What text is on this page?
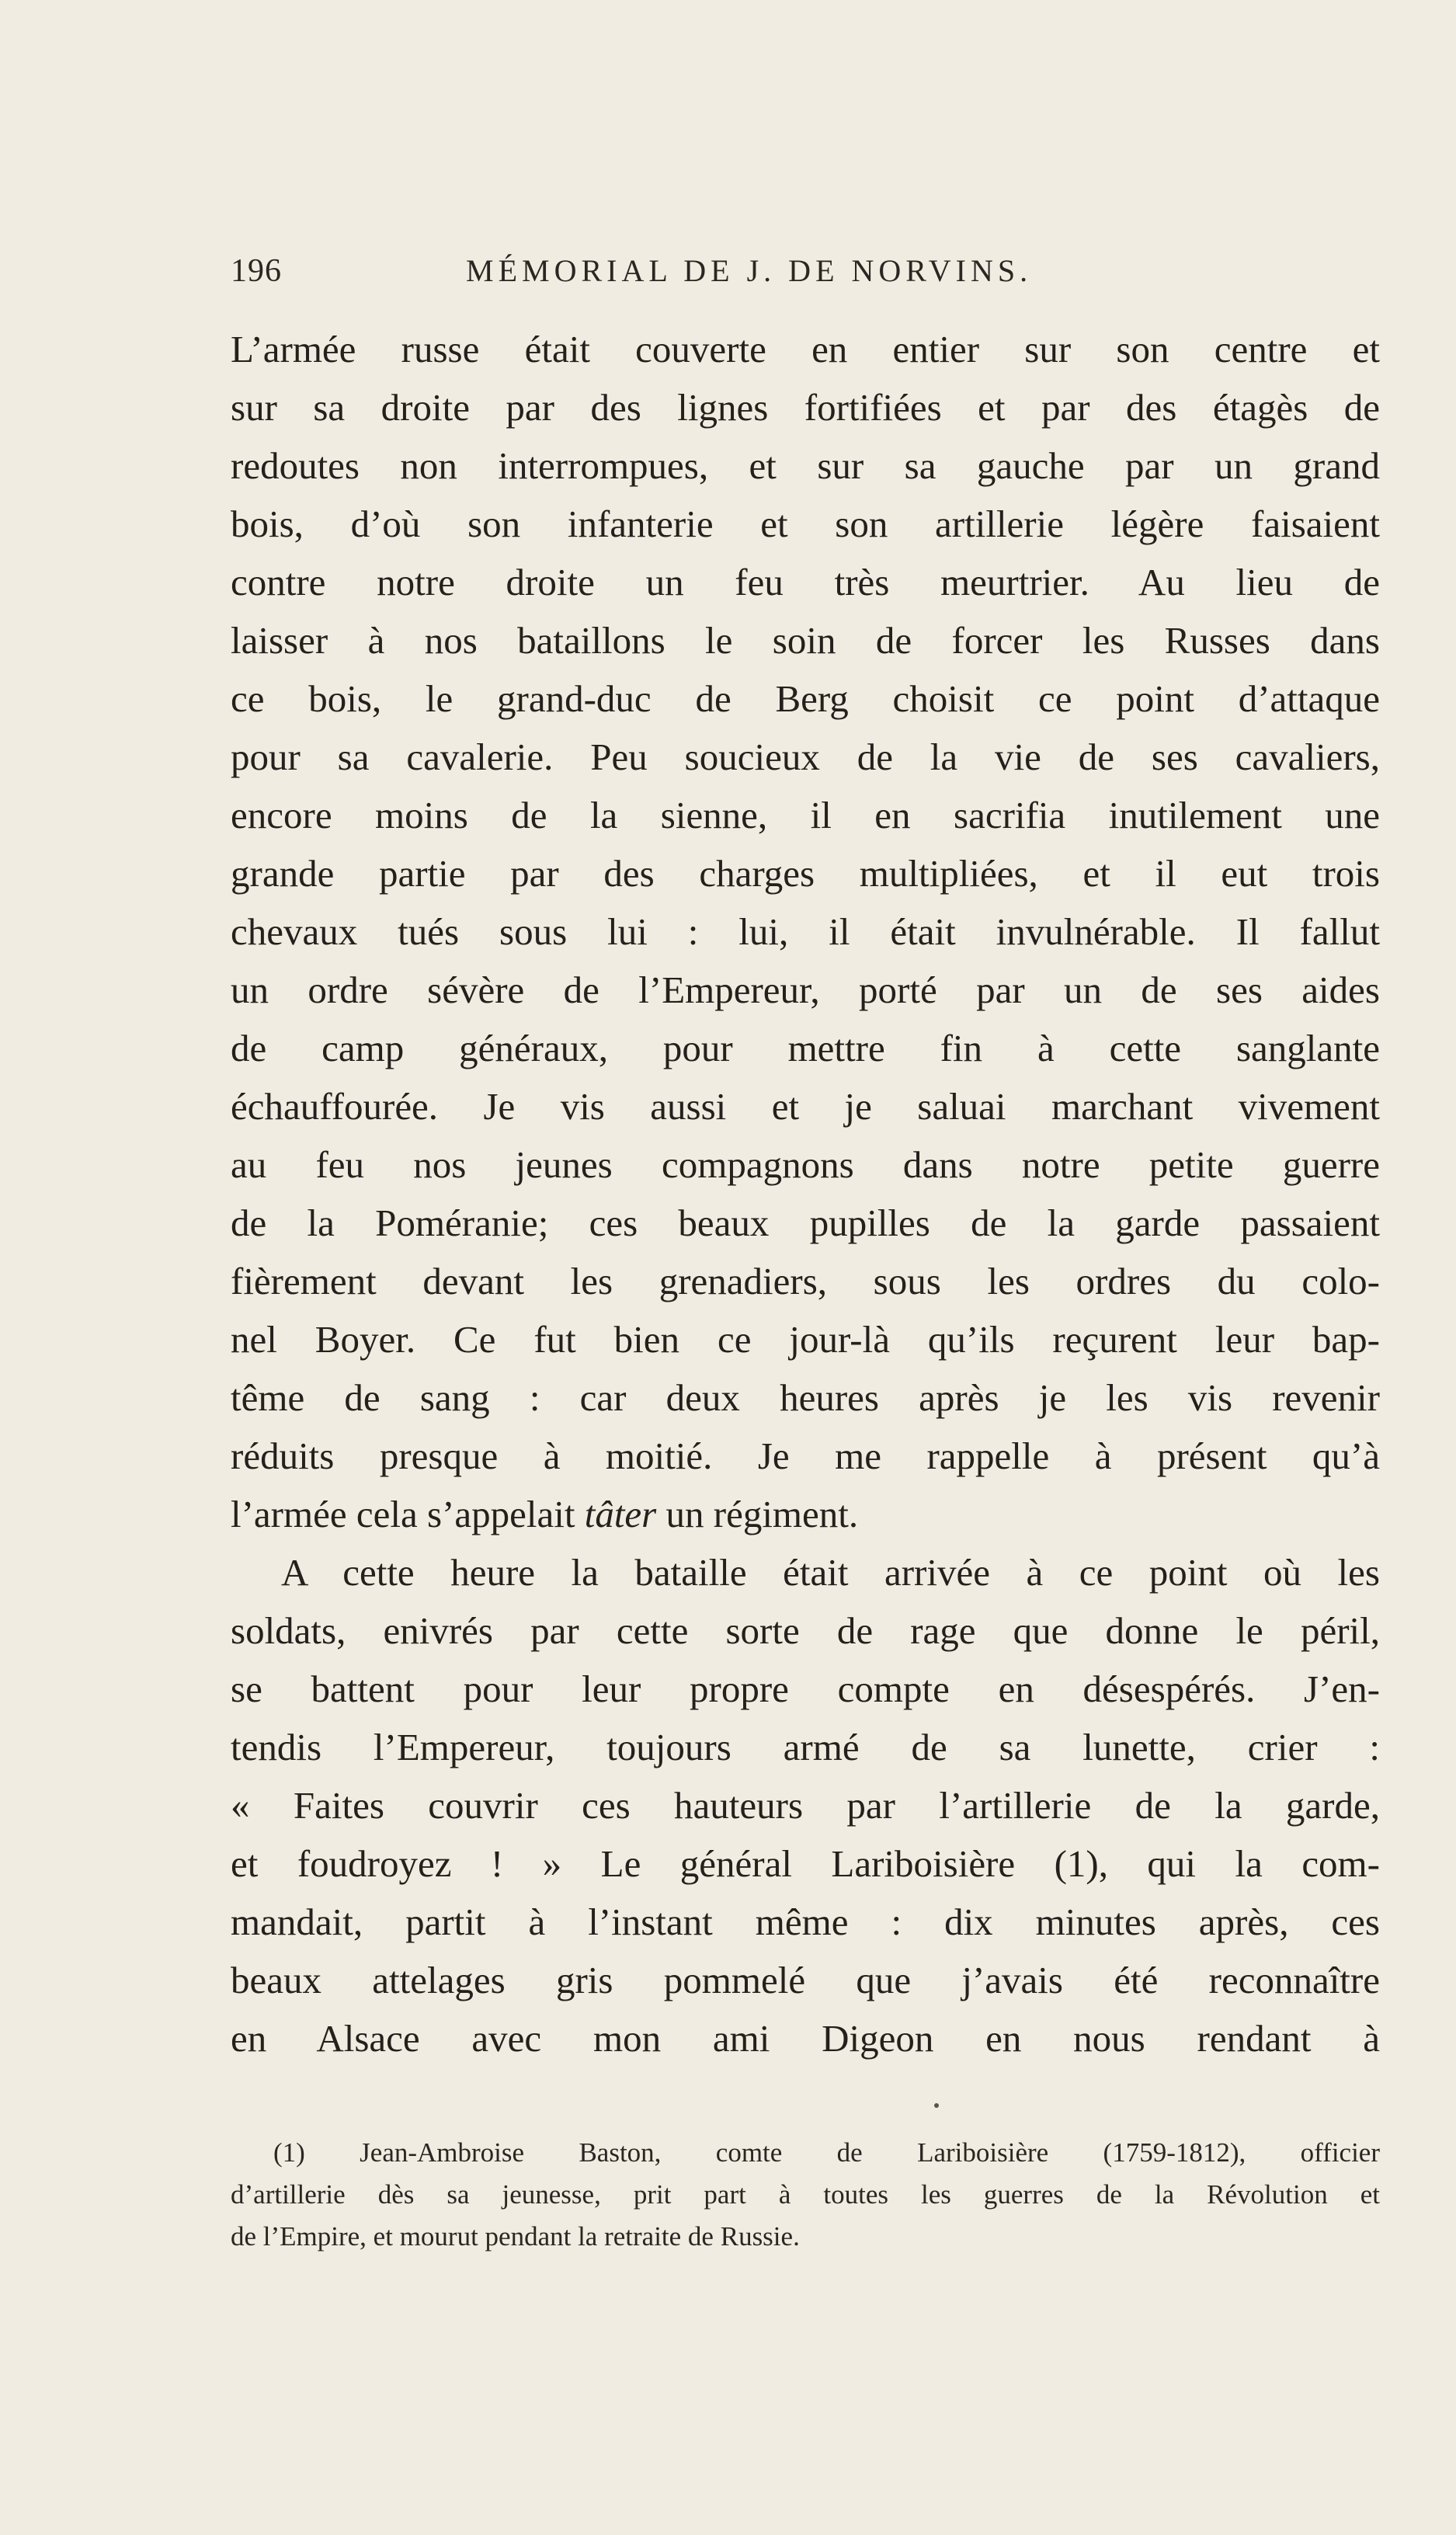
196	MÉMORIAL DE J. DE NORVINS.
L’armée russe était couverte en entier sur son centre et
sur sa droite par des lignes fortifiées et par des étagès de
redoutes non interrompues, et sur sa gauche par un grand
bois, d’où son infanterie et son artillerie légère faisaient
contre notre droite un feu très meurtrier. Au lieu de
laisser à nos bataillons le soin de forcer les Russes dans
ce bois, le grand-duc de Berg choisit ce point d’attaque
pour sa cavalerie. Peu soucieux de la vie de ses cavaliers,
encore moins de la sienne, il en sacrifia inutilement une
grande partie par des charges multipliées, et il eut trois
chevaux tués sous lui : lui, il était invulnérable. Il fallut
un ordre sévère de l’Empereur, porté par un de ses aides
de camp généraux, pour mettre fin à cette sanglante
échauffourée. Je vis aussi et je saluai marchant vivement
au feu nos jeunes compagnons dans notre petite guerre
de la Poméranie; ces beaux pupilles de la garde passaient
fièrement devant les grenadiers, sous les ordres du colo-
nel Boyer. Ce fut bien ce jour-là qu’ils reçurent leur bap-
tême de sang : car deux heures après je les vis revenir
réduits presque à moitié. Je me rappelle à présent qu’à
l’armée cela s’appelait tâter un régiment.
A cette heure la bataille était arrivée à ce point où les
soldats, enivrés par cette sorte de rage que donne le péril,
se battent pour leur propre compte en désespérés. J’en-
tendis l’Empereur, toujours armé de sa lunette, crier :
« Faites couvrir ces hauteurs par l’artillerie de la garde,
et foudroyez ! » Le général Lariboisière (1), qui la com-
mandait, partit à l’instant même : dix minutes après, ces
beaux attelages gris pommelé que j’avais été reconnaître
en Alsace avec mon ami Digeon en nous rendant à
(1) Jean-Ambroise Baston, comte de Lariboisière (1759-1812), officier
d’artillerie dès sa jeunesse, prit part à toutes les guerres de la Révolution et
de l’Empire, et mourut pendant la retraite de Russie.
